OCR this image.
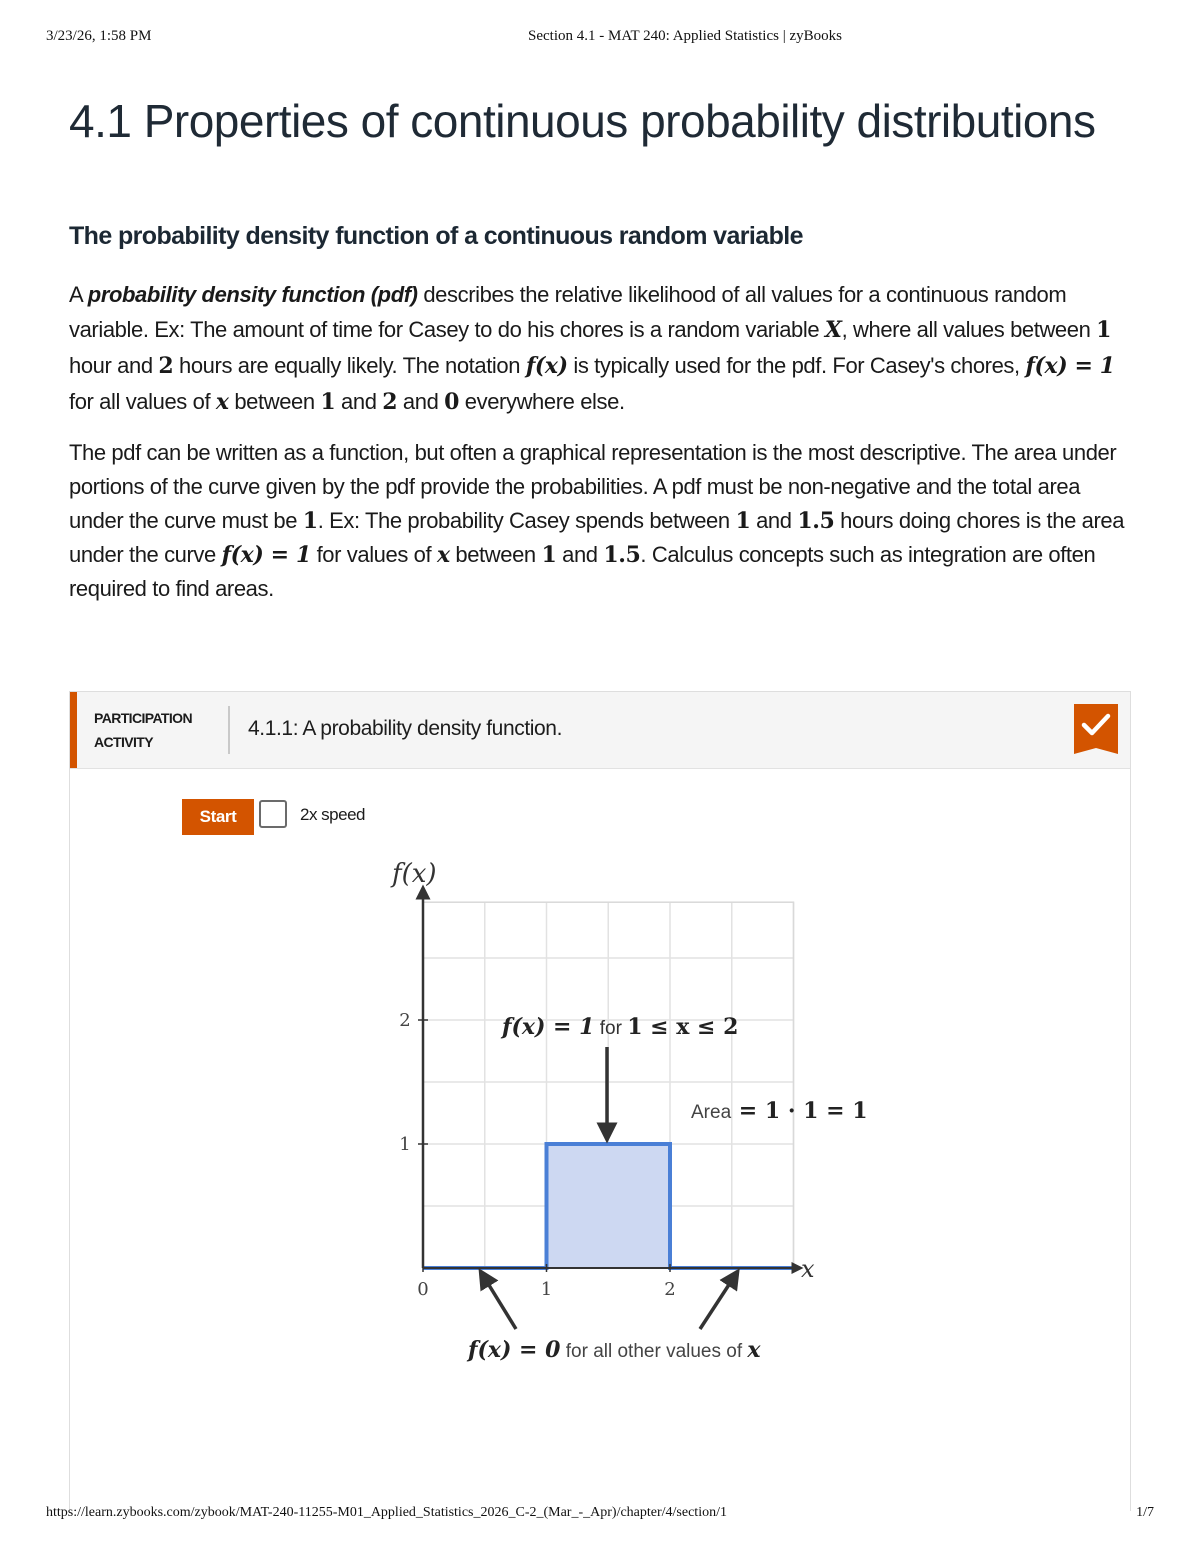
3/23/26, 1:58 PM	Section 4.1 - MAT 240: Applied Statistics | zyBooks
4.1 Properties of continuous probability distributions
The probability density function of a continuous random variable

A probability density function (pdf) describes the relative likelihood of all values for a continuous random variable. Ex: The amount of time for Casey to do his chores is a random variable X, where all values between 1 hour and 2 hours are equally likely. The notation f(x) is typically used for the pdf. For Casey's chores, f(x) = 1 for all values of x between 1 and 2 and 0 everywhere else.

The pdf can be written as a function, but often a graphical representation is the most descriptive. The area under portions of the curve given by the pdf provide the probabilities. A pdf must be non-negative and the total area under the curve must be 1. Ex: The probability Casey spends between 1 and 1.5 hours doing chores is the area under the curve f(x) = 1 for values of x between 1 and 1.5. Calculus concepts such as integration are often required to find areas.

PARTICIPATION
ACTIVITY
4.1.1: A probability density function.
Start	2x speed
0	1	2
1
2
f(x)
x
f(x) = 1 for 1 ≤ x ≤ 2
Area = 1 · 1 = 1
f(x) = 0 for all other values of x
https://learn.zybooks.com/zybook/MAT-240-11255-M01_Applied_Statistics_2026_C-2_(Mar_-_Apr)/chapter/4/section/1	1/7
